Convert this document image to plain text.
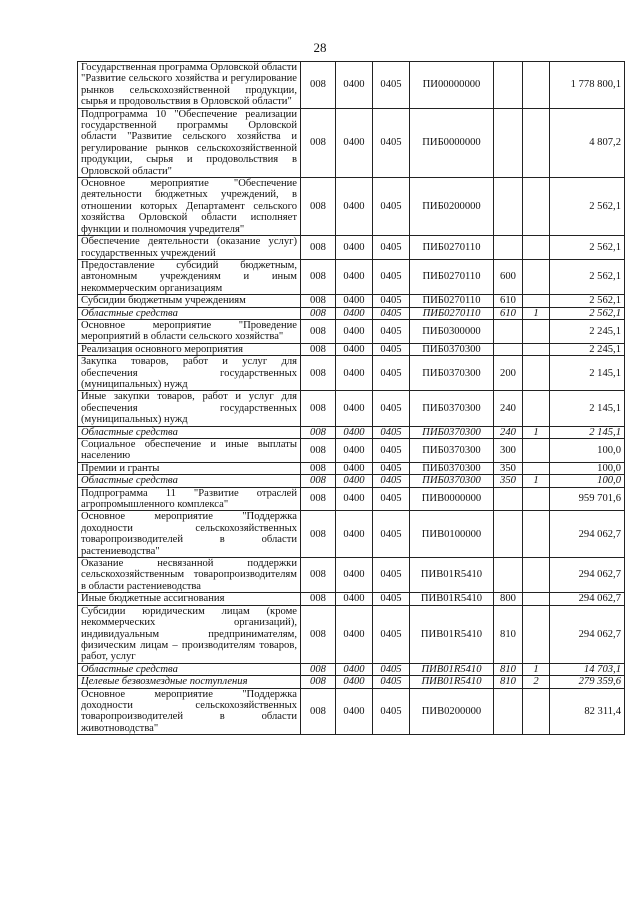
28
Государственная программа Орловской области "Развитие сельского хозяйства и регулирование рынков сельскохозяйственной продукции, сырья и продовольствия в Орловской области"	008	0400	0405	ПИ00000000			1 778 800,1
Подпрограмма 10 "Обеспечение реализации государственной программы Орловской области "Развитие сельского хозяйства и регулирование рынков сельскохозяйственной продукции, сырья и продовольствия в Орловской области"	008	0400	0405	ПИБ0000000			4 807,2
Основное мероприятие "Обеспечение деятельности бюджетных учреждений, в отношении которых Департамент сельского хозяйства Орловской области исполняет функции и полномочия учредителя"	008	0400	0405	ПИБ0200000			2 562,1
Обеспечение деятельности (оказание услуг) государственных учреждений	008	0400	0405	ПИБ0270110			2 562,1
Предоставление субсидий бюджетным, автономным учреждениям и иным некоммерческим организациям	008	0400	0405	ПИБ0270110	600		2 562,1
Субсидии бюджетным учреждениям	008	0400	0405	ПИБ0270110	610		2 562,1
Областные средства	008	0400	0405	ПИБ0270110	610	1	2 562,1
Основное мероприятие "Проведение мероприятий в области сельского хозяйства"	008	0400	0405	ПИБ0300000			2 245,1
Реализация основного мероприятия	008	0400	0405	ПИБ0370300			2 245,1
Закупка товаров, работ и услуг для обеспечения государственных (муниципальных) нужд	008	0400	0405	ПИБ0370300	200		2 145,1
Иные закупки товаров, работ и услуг для обеспечения государственных (муниципальных) нужд	008	0400	0405	ПИБ0370300	240		2 145,1
Областные средства	008	0400	0405	ПИБ0370300	240	1	2 145,1
Социальное обеспечение и иные выплаты населению	008	0400	0405	ПИБ0370300	300		100,0
Премии и гранты	008	0400	0405	ПИБ0370300	350		100,0
Областные средства	008	0400	0405	ПИБ0370300	350	1	100,0
Подпрограмма 11 "Развитие отраслей агропромышленного комплекса"	008	0400	0405	ПИВ0000000			959 701,6
Основное мероприятие "Поддержка доходности сельскохозяйственных товаропроизводителей в области растениеводства"	008	0400	0405	ПИВ0100000			294 062,7
Оказание несвязанной поддержки сельскохозяйственным товаропроизводителям в области растениеводства	008	0400	0405	ПИВ01R5410			294 062,7
Иные бюджетные ассигнования	008	0400	0405	ПИВ01R5410	800		294 062,7
Субсидии юридическим лицам (кроме некоммерческих организаций), индивидуальным предпринимателям, физическим лицам – производителям товаров, работ, услуг	008	0400	0405	ПИВ01R5410	810		294 062,7
Областные средства	008	0400	0405	ПИВ01R5410	810	1	14 703,1
Целевые безвозмездные поступления	008	0400	0405	ПИВ01R5410	810	2	279 359,6
Основное мероприятие "Поддержка доходности сельскохозяйственных товаропроизводителей в области животноводства"	008	0400	0405	ПИВ0200000			82 311,4
